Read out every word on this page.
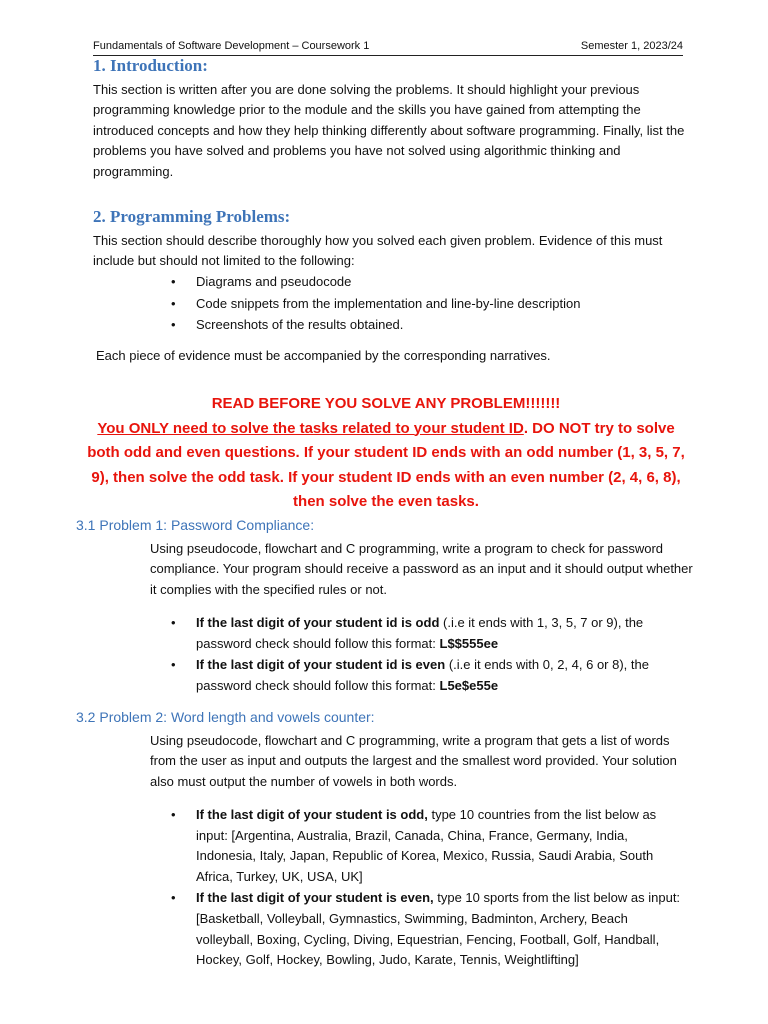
Fundamentals of Software Development – Coursework 1	Semester 1, 2023/24
1. Introduction:
This section is written after you are done solving the problems. It should highlight your previous programming knowledge prior to the module and the skills you have gained from attempting the introduced concepts and how they help thinking differently about software programming. Finally, list the problems you have solved and problems you have not solved using algorithmic thinking and programming.
2. Programming Problems:
This section should describe thoroughly how you solved each given problem. Evidence of this must include but should not limited to the following:
• Diagrams and pseudocode
• Code snippets from the implementation and line-by-line description
• Screenshots of the results obtained.
Each piece of evidence must be accompanied by the corresponding narratives.
READ BEFORE YOU SOLVE ANY PROBLEM!!!!!!!
You ONLY need to solve the tasks related to your student ID. DO NOT try to solve both odd and even questions. If your student ID ends with an odd number (1, 3, 5, 7, 9), then solve the odd task. If your student ID ends with an even number (2, 4, 6, 8), then solve the even tasks.
3.1 Problem 1: Password Compliance:
Using pseudocode, flowchart and C programming, write a program to check for password compliance. Your program should receive a password as an input and it should output whether it complies with the specified rules or not.
• If the last digit of your student id is odd (.i.e it ends with 1, 3, 5, 7 or 9), the password check should follow this format: L$$555ee
• If the last digit of your student id is even (.i.e it ends with 0, 2, 4, 6 or 8), the password check should follow this format: L5e$e55e
3.2 Problem 2: Word length and vowels counter:
Using pseudocode, flowchart and C programming, write a program that gets a list of words from the user as input and outputs the largest and the smallest word provided. Your solution also must output the number of vowels in both words.
• If the last digit of your student is odd, type 10 countries from the list below as input: [Argentina, Australia, Brazil, Canada, China, France, Germany, India, Indonesia, Italy, Japan, Republic of Korea, Mexico, Russia, Saudi Arabia, South Africa, Turkey, UK, USA, UK]
• If the last digit of your student is even, type 10 sports from the list below as input: [Basketball, Volleyball, Gymnastics, Swimming, Badminton, Archery, Beach volleyball, Boxing, Cycling, Diving, Equestrian, Fencing, Football, Golf, Handball, Hockey, Golf, Hockey, Bowling, Judo, Karate, Tennis, Weightlifting]
